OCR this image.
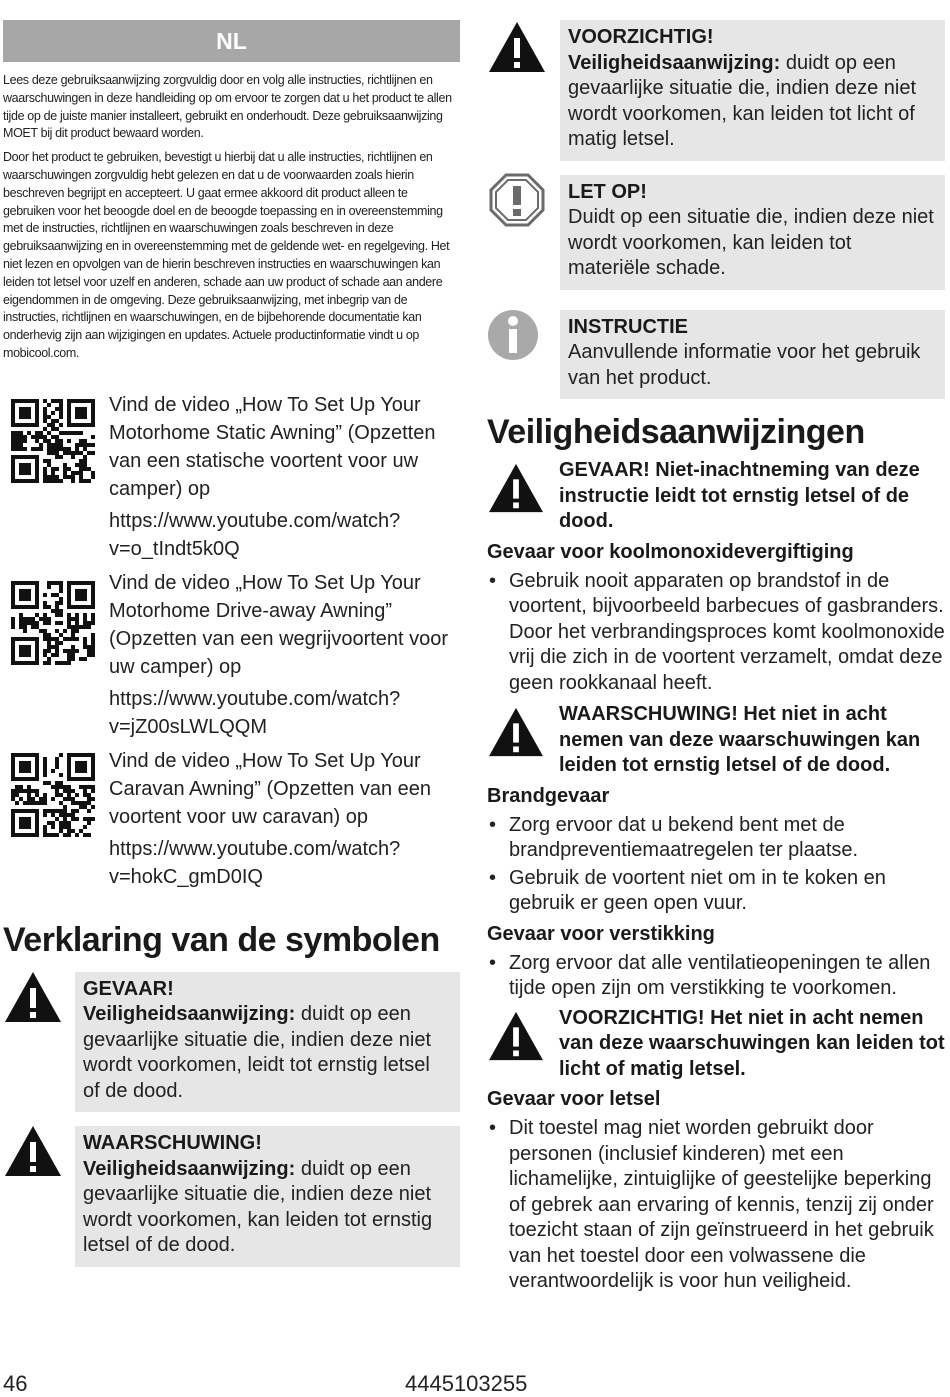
NL

Lees deze gebruiksaanwijzing zorgvuldig door en volg alle instructies, richtlijnen en waarschuwingen in deze handleiding op om ervoor te zorgen dat u het product te allen tijde op de juiste manier installeert, gebruikt en onderhoudt. Deze gebruiksaanwijzing MOET bij dit product bewaard worden.

Door het product te gebruiken, bevestigt u hierbij dat u alle instructies, richtlijnen en waarschuwingen zorgvuldig hebt gelezen en dat u de voorwaarden zoals hierin beschreven begrijpt en accepteert. U gaat ermee akkoord dit product alleen te gebruiken voor het beoogde doel en de beoogde toepassing en in overeenstemming met de instructies, richtlijnen en waarschuwingen zoals beschreven in deze gebruiksaanwijzing en in overeenstemming met de geldende wet- en regelgeving. Het niet lezen en opvolgen van de hierin beschreven instructies en waarschuwingen kan leiden tot letsel voor uzelf en anderen, schade aan uw product of schade aan andere eigendommen in de omgeving. Deze gebruiksaanwijzing, met inbegrip van de instructies, richtlijnen en waarschuwingen, en de bijbehorende documentatie kan onderhevig zijn aan wijzigingen en updates. Actuele productinformatie vindt u op mobicool.com.

Vind de video „How To Set Up Your Motorhome Static Awning” (Opzetten van een statische voortent voor uw camper) op
https://www.youtube.com/watch?v=o_tIndt5k0Q
Vind de video „How To Set Up Your Motorhome Drive-away Awning” (Opzetten van een wegrijvoortent voor uw camper) op
https://www.youtube.com/watch?v=jZ00sLWLQQM
Vind de video „How To Set Up Your Caravan Awning” (Opzetten van een voortent voor uw caravan) op
https://www.youtube.com/watch?v=hokC_gmD0IQ
Verklaring van de symbolen
GEVAAR!
Veiligheidsaanwijzing: duidt op een gevaarlijke situatie die, indien deze niet wordt voorkomen, leidt tot ernstig letsel of de dood.
WAARSCHUWING!
Veiligheidsaanwijzing: duidt op een gevaarlijke situatie die, indien deze niet wordt voorkomen, kan leiden tot ernstig letsel of de dood.
VOORZICHTIG!
Veiligheidsaanwijzing: duidt op een gevaarlijke situatie die, indien deze niet wordt voorkomen, kan leiden tot licht of matig letsel.
LET OP!
Duidt op een situatie die, indien deze niet wordt voorkomen, kan leiden tot materiële schade.
INSTRUCTIE
Aanvullende informatie voor het gebruik van het product.
Veiligheidsaanwijzingen
GEVAAR! Niet-inachtneming van deze instructie leidt tot ernstig letsel of de dood.
Gevaar voor koolmonoxidevergiftiging
• Gebruik nooit apparaten op brandstof in de voortent, bijvoorbeeld barbecues of gasbranders. Door het verbrandingsproces komt koolmonoxide vrij die zich in de voortent verzamelt, omdat deze geen rookkanaal heeft.
WAARSCHUWING! Het niet in acht nemen van deze waarschuwingen kan leiden tot ernstig letsel of de dood.
Brandgevaar
• Zorg ervoor dat u bekend bent met de brandpreventiemaatregelen ter plaatse.
• Gebruik de voortent niet om in te koken en gebruik er geen open vuur.
Gevaar voor verstikking
• Zorg ervoor dat alle ventilatieopeningen te allen tijde open zijn om verstikking te voorkomen.
VOORZICHTIG! Het niet in acht nemen van deze waarschuwingen kan leiden tot licht of matig letsel.
Gevaar voor letsel
• Dit toestel mag niet worden gebruikt door personen (inclusief kinderen) met een lichamelijke, zintuiglijke of geestelijke beperking of gebrek aan ervaring of kennis, tenzij zij onder toezicht staan of zijn geïnstrueerd in het gebruik van het toestel door een volwassene die verantwoordelijk is voor hun veiligheid.
46	4445103255
